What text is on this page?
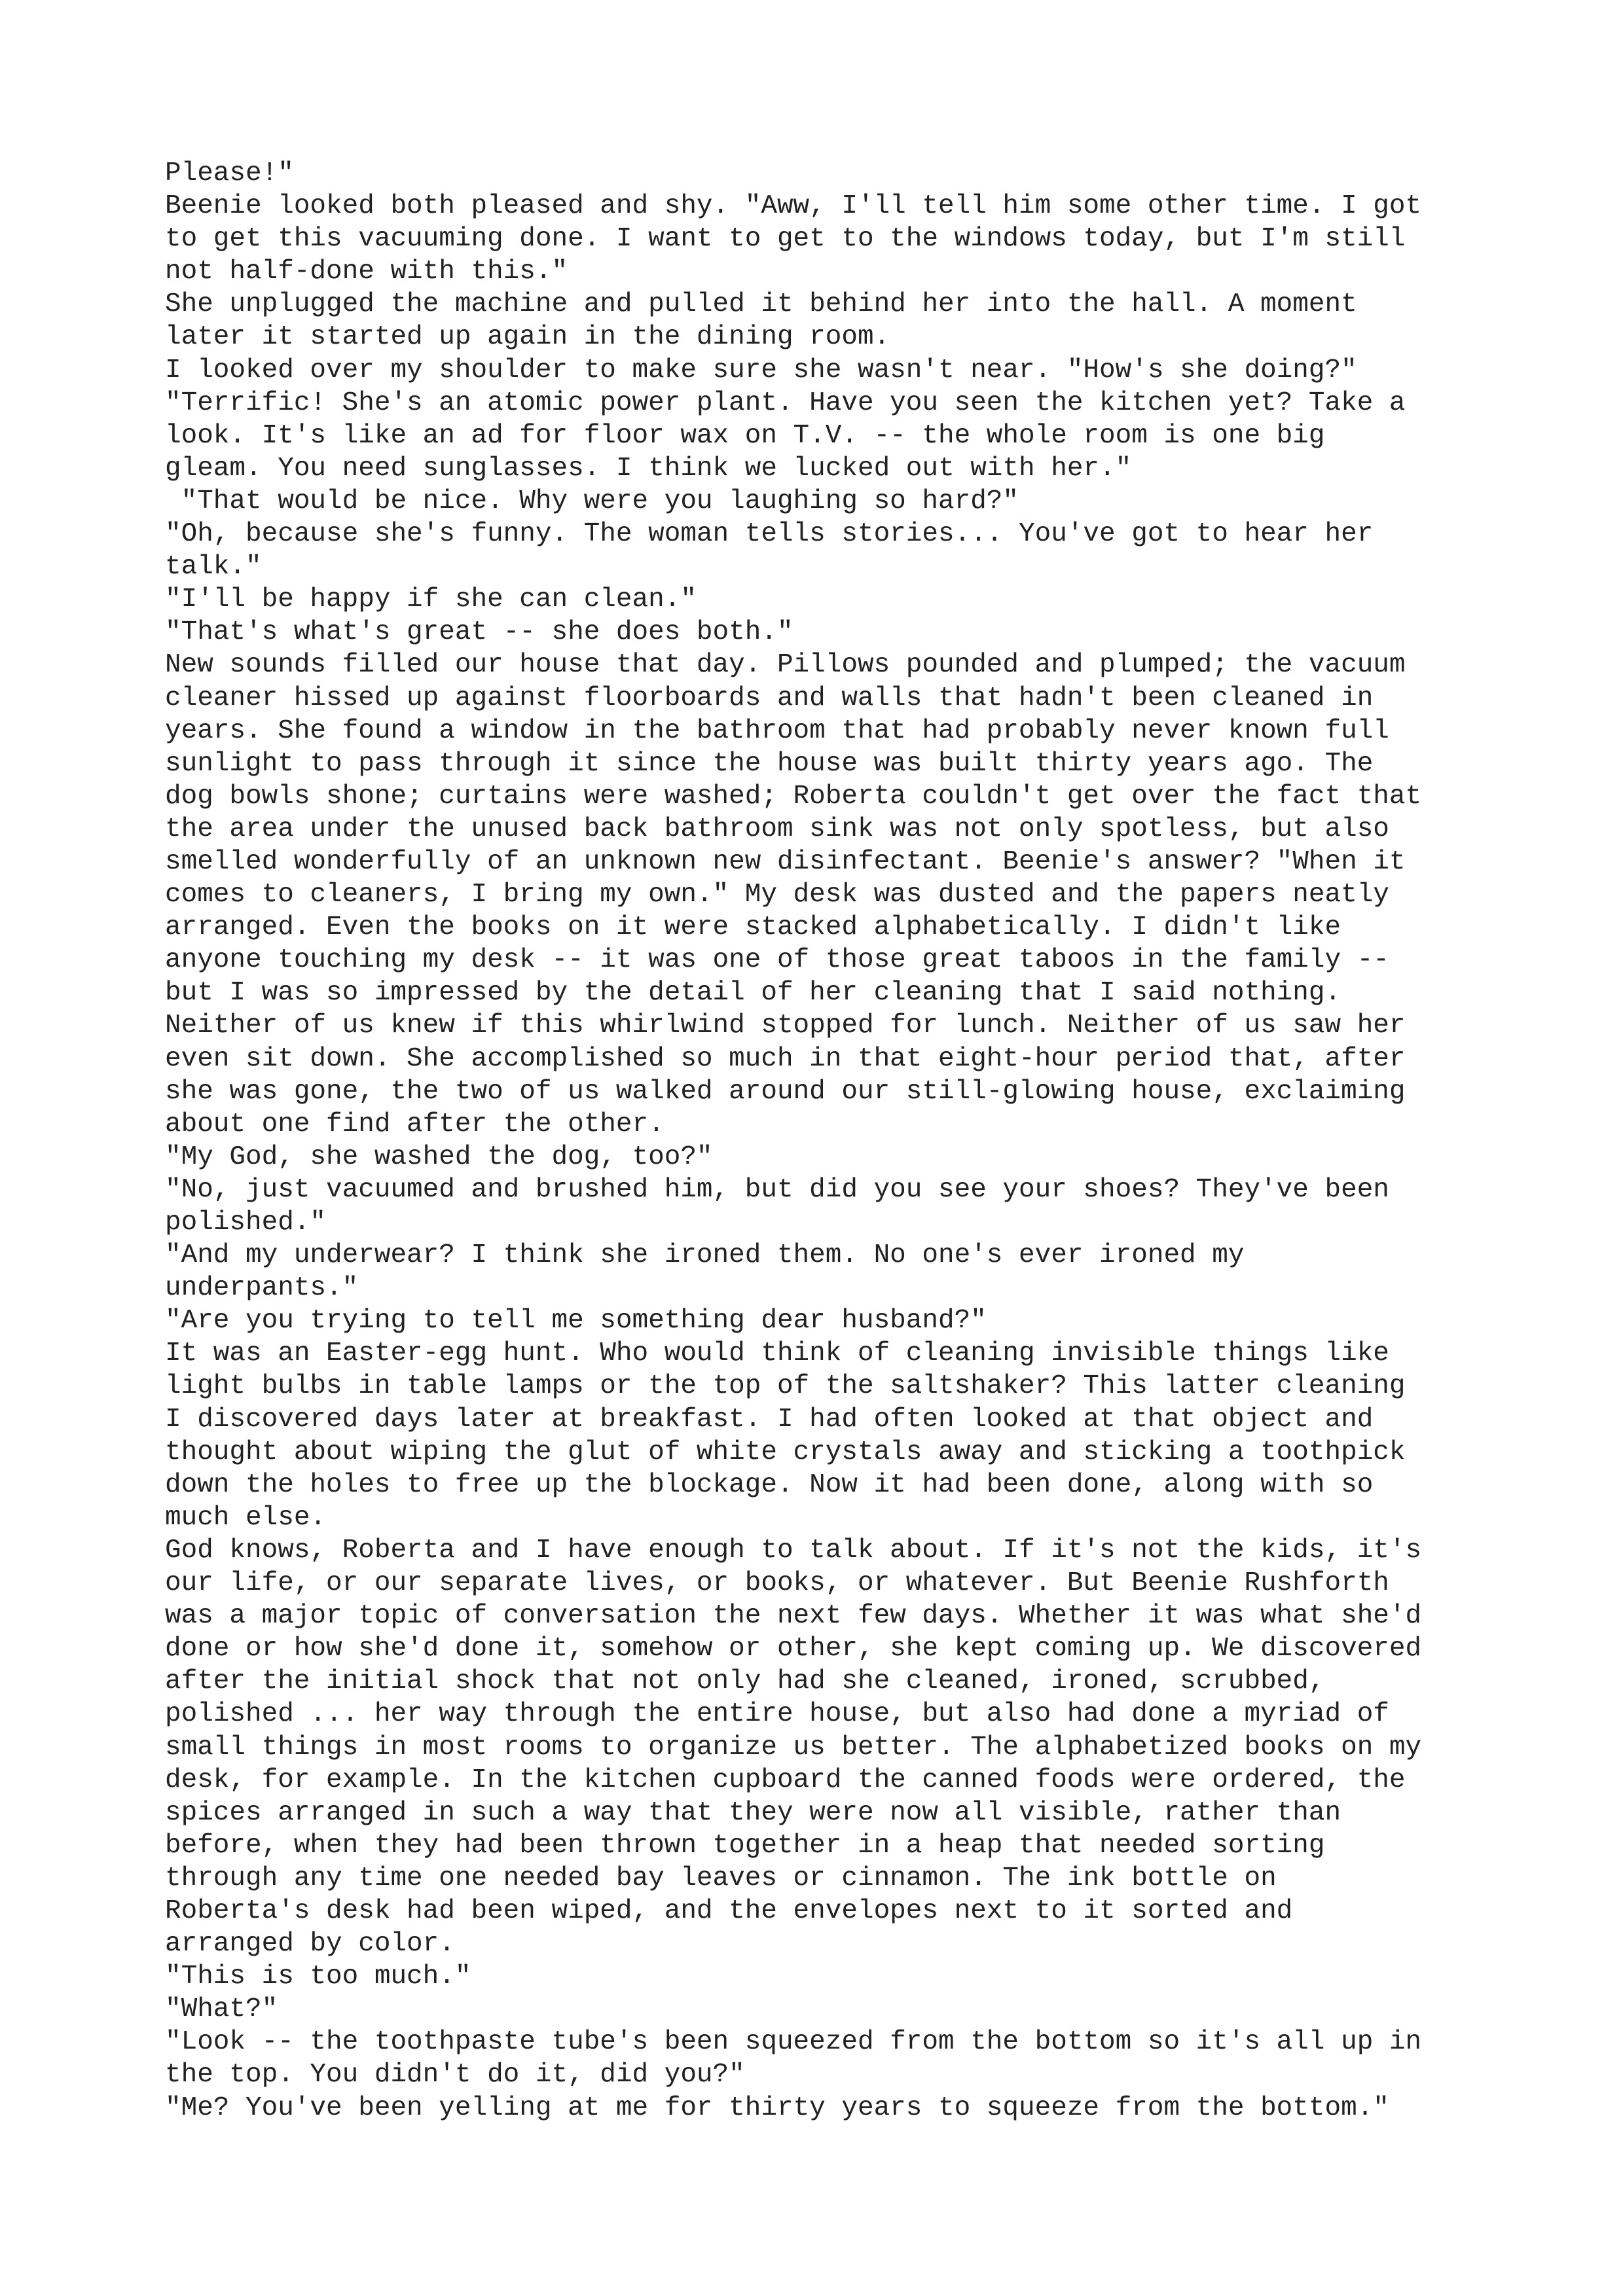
Please!"
Beenie looked both pleased and shy. "Aww, I'll tell him some other time. I got
to get this vacuuming done. I want to get to the windows today, but I'm still
not half-done with this."
She unplugged the machine and pulled it behind her into the hall. A moment
later it started up again in the dining room.
I looked over my shoulder to make sure she wasn't near. "How's she doing?"
"Terrific! She's an atomic power plant. Have you seen the kitchen yet? Take a
look. It's like an ad for floor wax on T.V. -- the whole room is one big
gleam. You need sunglasses. I think we lucked out with her."
"That would be nice. Why were you laughing so hard?"
"Oh, because she's funny. The woman tells stories... You've got to hear her
talk."
"I'll be happy if she can clean."
"That's what's great -- she does both."
New sounds filled our house that day. Pillows pounded and plumped; the vacuum
cleaner hissed up against floorboards and walls that hadn't been cleaned in
years. She found a window in the bathroom that had probably never known full
sunlight to pass through it since the house was built thirty years ago. The
dog bowls shone; curtains were washed; Roberta couldn't get over the fact that
the area under the unused back bathroom sink was not only spotless, but also
smelled wonderfully of an unknown new disinfectant. Beenie's answer? "When it
comes to cleaners, I bring my own." My desk was dusted and the papers neatly
arranged. Even the books on it were stacked alphabetically. I didn't like
anyone touching my desk -- it was one of those great taboos in the family --
but I was so impressed by the detail of her cleaning that I said nothing.
Neither of us knew if this whirlwind stopped for lunch. Neither of us saw her
even sit down. She accomplished so much in that eight-hour period that, after
she was gone, the two of us walked around our still-glowing house, exclaiming
about one find after the other.
"My God, she washed the dog, too?"
"No, just vacuumed and brushed him, but did you see your shoes? They've been
polished."
"And my underwear? I think she ironed them. No one's ever ironed my
underpants."
"Are you trying to tell me something dear husband?"
It was an Easter-egg hunt. Who would think of cleaning invisible things like
light bulbs in table lamps or the top of the saltshaker? This latter cleaning
I discovered days later at breakfast. I had often looked at that object and
thought about wiping the glut of white crystals away and sticking a toothpick
down the holes to free up the blockage. Now it had been done, along with so
much else.
God knows, Roberta and I have enough to talk about. If it's not the kids, it's
our life, or our separate lives, or books, or whatever. But Beenie Rushforth
was a major topic of conversation the next few days. Whether it was what she'd
done or how she'd done it, somehow or other, she kept coming up. We discovered
after the initial shock that not only had she cleaned, ironed, scrubbed,
polished ... her way through the entire house, but also had done a myriad of
small things in most rooms to organize us better. The alphabetized books on my
desk, for example. In the kitchen cupboard the canned foods were ordered, the
spices arranged in such a way that they were now all visible, rather than
before, when they had been thrown together in a heap that needed sorting
through any time one needed bay leaves or cinnamon. The ink bottle on
Roberta's desk had been wiped, and the envelopes next to it sorted and
arranged by color.
"This is too much."
"What?"
"Look -- the toothpaste tube's been squeezed from the bottom so it's all up in
the top. You didn't do it, did you?"
"Me? You've been yelling at me for thirty years to squeeze from the bottom."
